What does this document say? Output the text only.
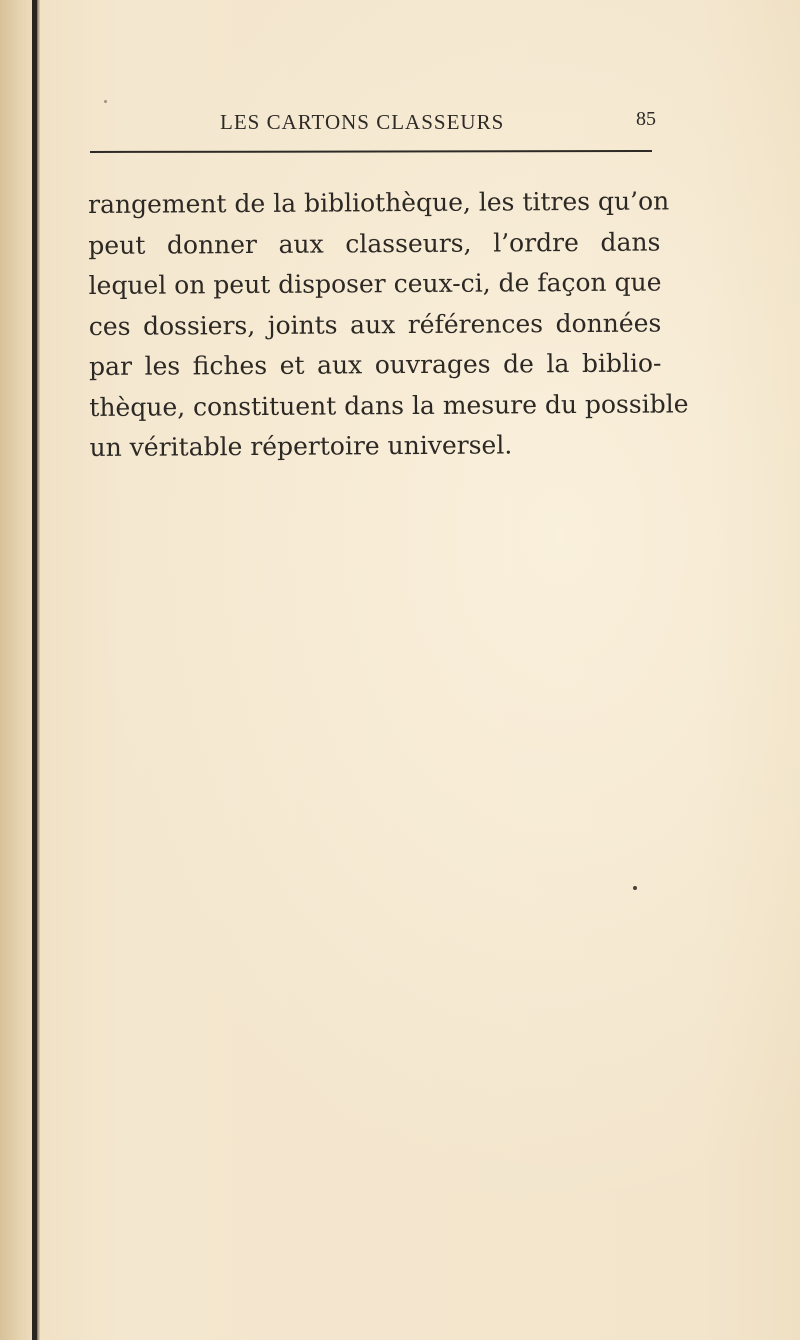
LES CARTONS CLASSEURS	85

rangement de la bibliothèque, les titres qu’on
peut donner aux classeurs, l’ordre dans
lequel on peut disposer ceux-ci, de façon que
ces dossiers, joints aux références données
par les fiches et aux ouvrages de la biblio-
thèque, constituent dans la mesure du possible
un véritable répertoire universel.
